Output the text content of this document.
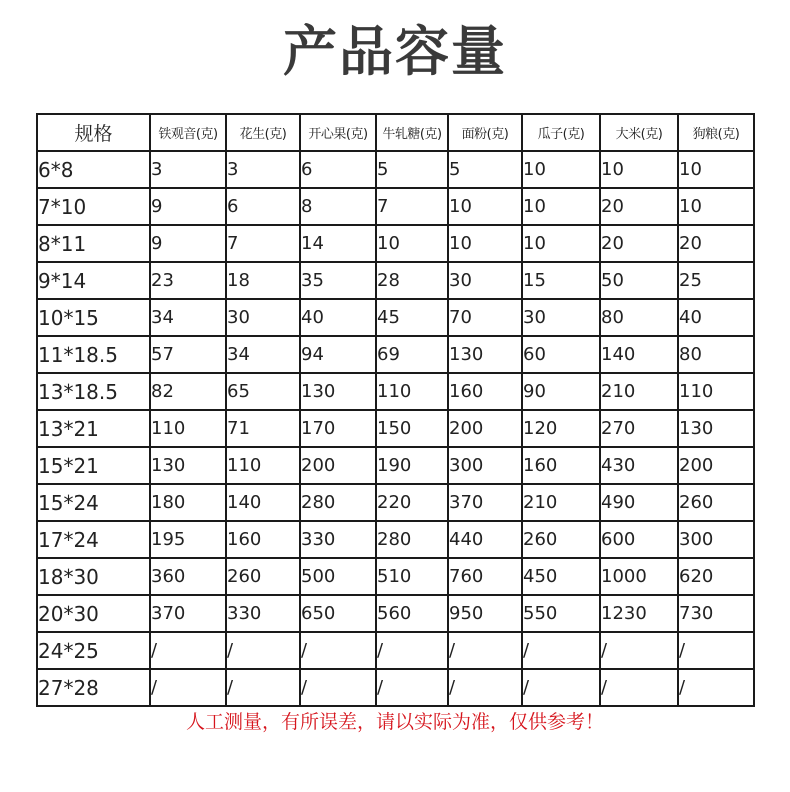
产品容量
规格	铁观音(克)	花生(克)	开心果(克)	牛轧糖(克)	面粉(克)	瓜子(克)	大米(克)	狗粮(克)
6*8	3	3	6	5	5	10	10	10
7*10	9	6	8	7	10	10	20	10
8*11	9	7	14	10	10	10	20	20
9*14	23	18	35	28	30	15	50	25
10*15	34	30	40	45	70	30	80	40
11*18.5	57	34	94	69	130	60	140	80
13*18.5	82	65	130	110	160	90	210	110
13*21	110	71	170	150	200	120	270	130
15*21	130	110	200	190	300	160	430	200
15*24	180	140	280	220	370	210	490	260
17*24	195	160	330	280	440	260	600	300
18*30	360	260	500	510	760	450	1000	620
20*30	370	330	650	560	950	550	1230	730
24*25	/	/	/	/	/	/	/	/
27*28	/	/	/	/	/	/	/	/
人工测量，有所误差，请以实际为准，仅供参考！
